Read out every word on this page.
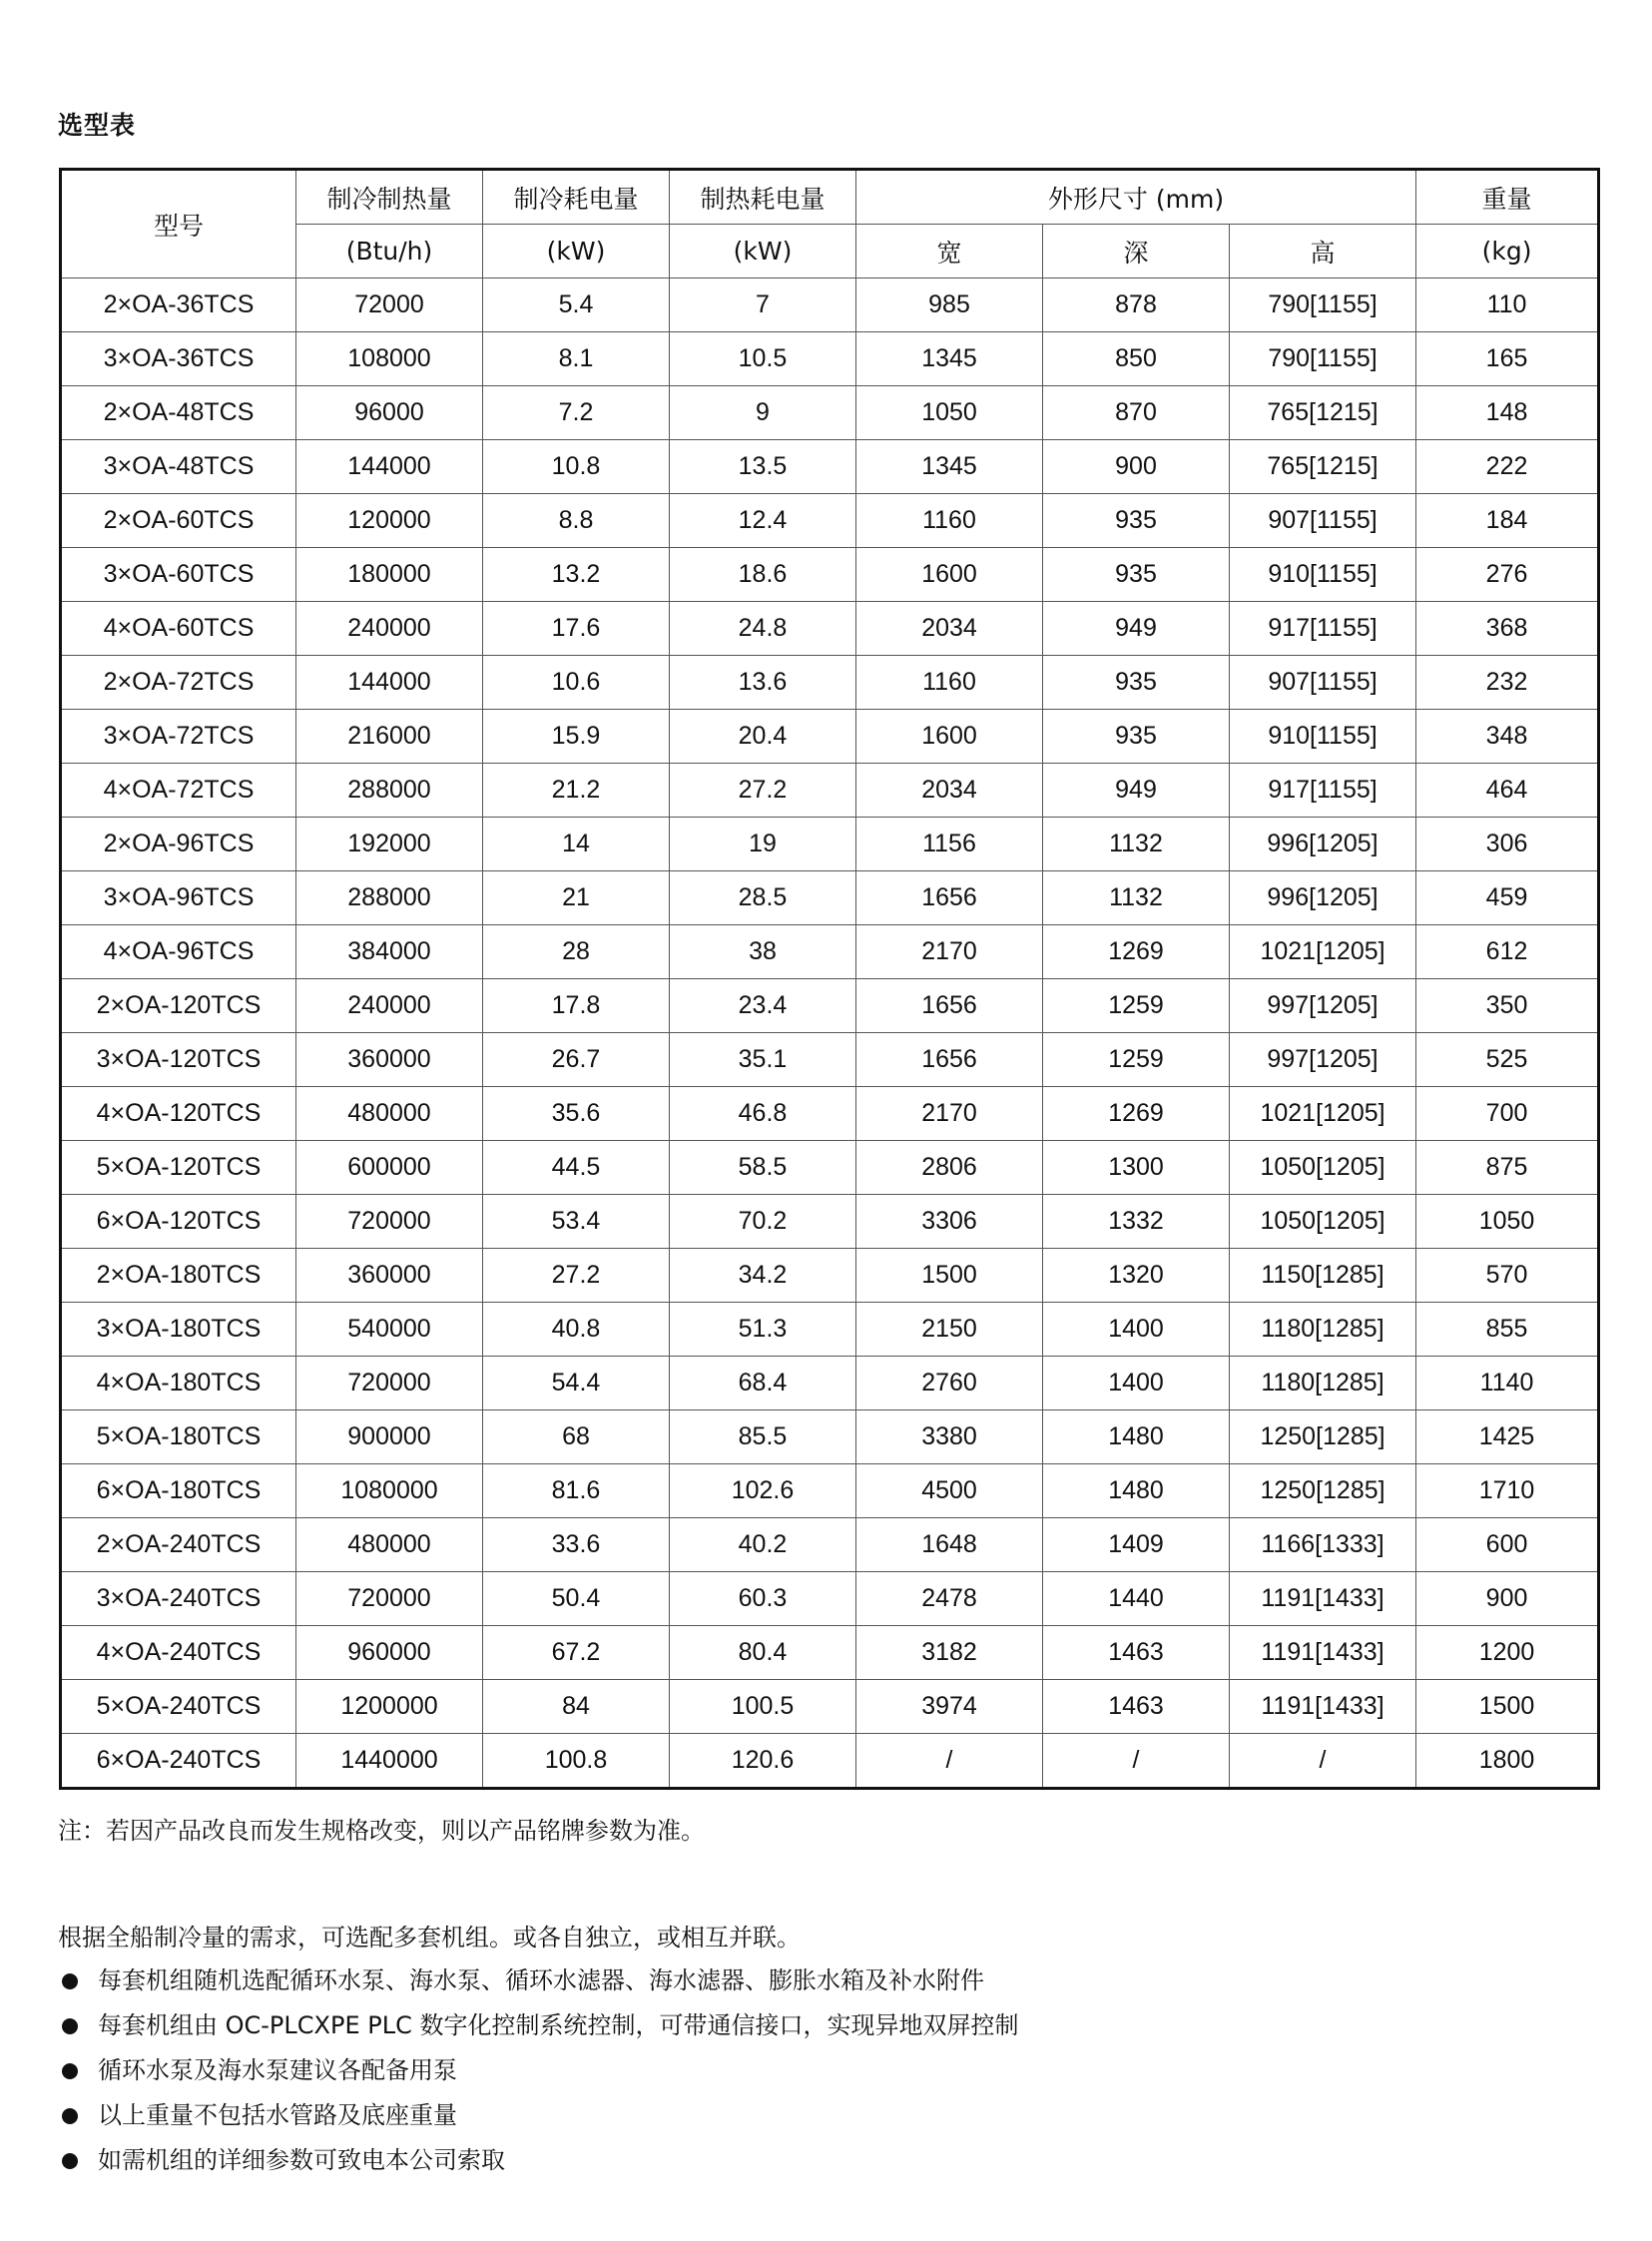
选型表
型号	制冷制热量	制冷耗电量	制热耗电量	外形尺寸 (mm)			重量
	(Btu/h)	(kW)	(kW)	宽	深	高	(kg)
2×OA-36TCS	72000	5.4	7	985	878	790[1155]	110
3×OA-36TCS	108000	8.1	10.5	1345	850	790[1155]	165
2×OA-48TCS	96000	7.2	9	1050	870	765[1215]	148
3×OA-48TCS	144000	10.8	13.5	1345	900	765[1215]	222
2×OA-60TCS	120000	8.8	12.4	1160	935	907[1155]	184
3×OA-60TCS	180000	13.2	18.6	1600	935	910[1155]	276
4×OA-60TCS	240000	17.6	24.8	2034	949	917[1155]	368
2×OA-72TCS	144000	10.6	13.6	1160	935	907[1155]	232
3×OA-72TCS	216000	15.9	20.4	1600	935	910[1155]	348
4×OA-72TCS	288000	21.2	27.2	2034	949	917[1155]	464
2×OA-96TCS	192000	14	19	1156	1132	996[1205]	306
3×OA-96TCS	288000	21	28.5	1656	1132	996[1205]	459
4×OA-96TCS	384000	28	38	2170	1269	1021[1205]	612
2×OA-120TCS	240000	17.8	23.4	1656	1259	997[1205]	350
3×OA-120TCS	360000	26.7	35.1	1656	1259	997[1205]	525
4×OA-120TCS	480000	35.6	46.8	2170	1269	1021[1205]	700
5×OA-120TCS	600000	44.5	58.5	2806	1300	1050[1205]	875
6×OA-120TCS	720000	53.4	70.2	3306	1332	1050[1205]	1050
2×OA-180TCS	360000	27.2	34.2	1500	1320	1150[1285]	570
3×OA-180TCS	540000	40.8	51.3	2150	1400	1180[1285]	855
4×OA-180TCS	720000	54.4	68.4	2760	1400	1180[1285]	1140
5×OA-180TCS	900000	68	85.5	3380	1480	1250[1285]	1425
6×OA-180TCS	1080000	81.6	102.6	4500	1480	1250[1285]	1710
2×OA-240TCS	480000	33.6	40.2	1648	1409	1166[1333]	600
3×OA-240TCS	720000	50.4	60.3	2478	1440	1191[1433]	900
4×OA-240TCS	960000	67.2	80.4	3182	1463	1191[1433]	1200
5×OA-240TCS	1200000	84	100.5	3974	1463	1191[1433]	1500
6×OA-240TCS	1440000	100.8	120.6	/	/	/	1800
注：若因产品改良而发生规格改变，则以产品铭牌参数为准。
根据全船制冷量的需求，可选配多套机组。或各自独立，或相互并联。
每套机组随机选配循环水泵、海水泵、循环水滤器、海水滤器、膨胀水箱及补水附件
每套机组由 OC-PLCXPE PLC 数字化控制系统控制，可带通信接口，实现异地双屏控制
循环水泵及海水泵建议各配备用泵
以上重量不包括水管路及底座重量
如需机组的详细参数可致电本公司索取
